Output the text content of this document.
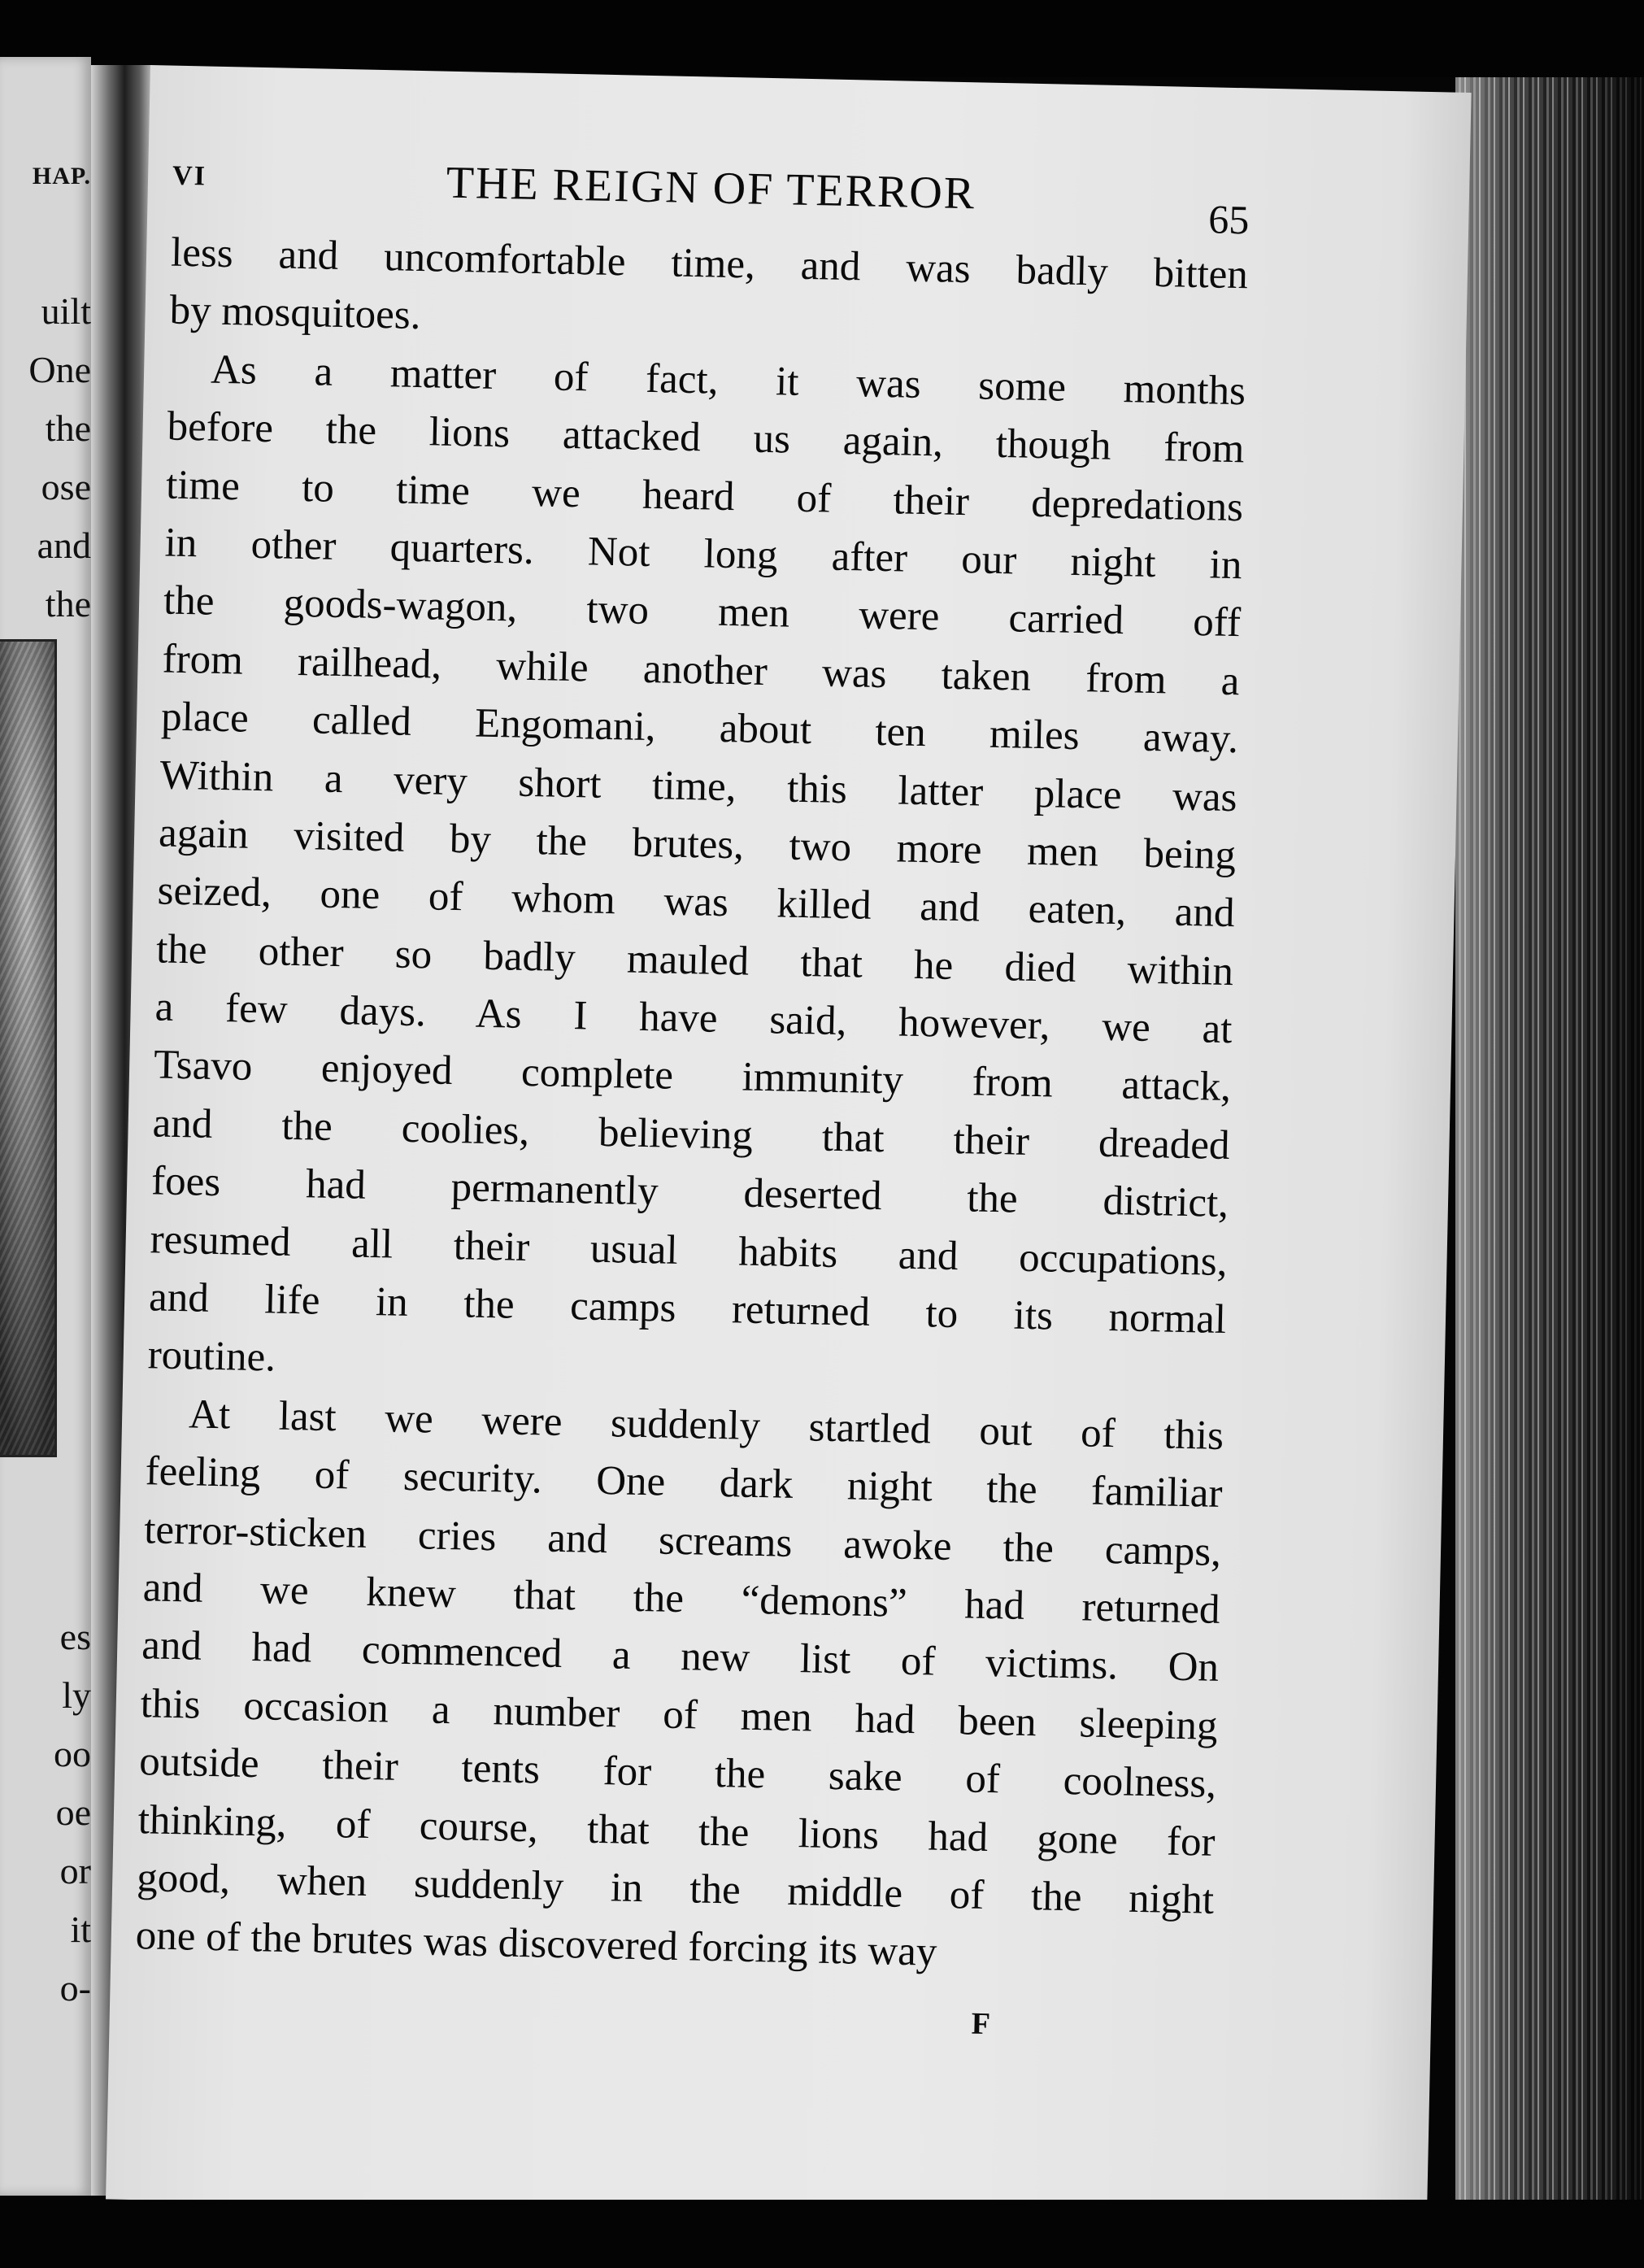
HAP.
uilt
One
the
ose
and
the
es
ly
oo
oe
or
it
o-
VI	THE REIGN OF TERROR
65
less and uncomfortable time, and was badly bitten
by mosquitoes.
As a matter of fact, it was some months
before the lions attacked us again, though from
time to time we heard of their depredations
in other quarters. Not long after our night in
the goods-wagon, two men were carried off
from railhead, while another was taken from a
place called Engomani, about ten miles away.
Within a very short time, this latter place was
again visited by the brutes, two more men being
seized, one of whom was killed and eaten, and
the other so badly mauled that he died within
a few days. As I have said, however, we at
Tsavo enjoyed complete immunity from attack,
and the coolies, believing that their dreaded
foes had permanently deserted the district,
resumed all their usual habits and occupations,
and life in the camps returned to its normal
routine.
At last we were suddenly startled out of this
feeling of security. One dark night the familiar
terror-sticken cries and screams awoke the camps,
and we knew that the “demons” had returned
and had commenced a new list of victims. On
this occasion a number of men had been sleeping
outside their tents for the sake of coolness,
thinking, of course, that the lions had gone for
good, when suddenly in the middle of the night
one of the brutes was discovered forcing its way
F
